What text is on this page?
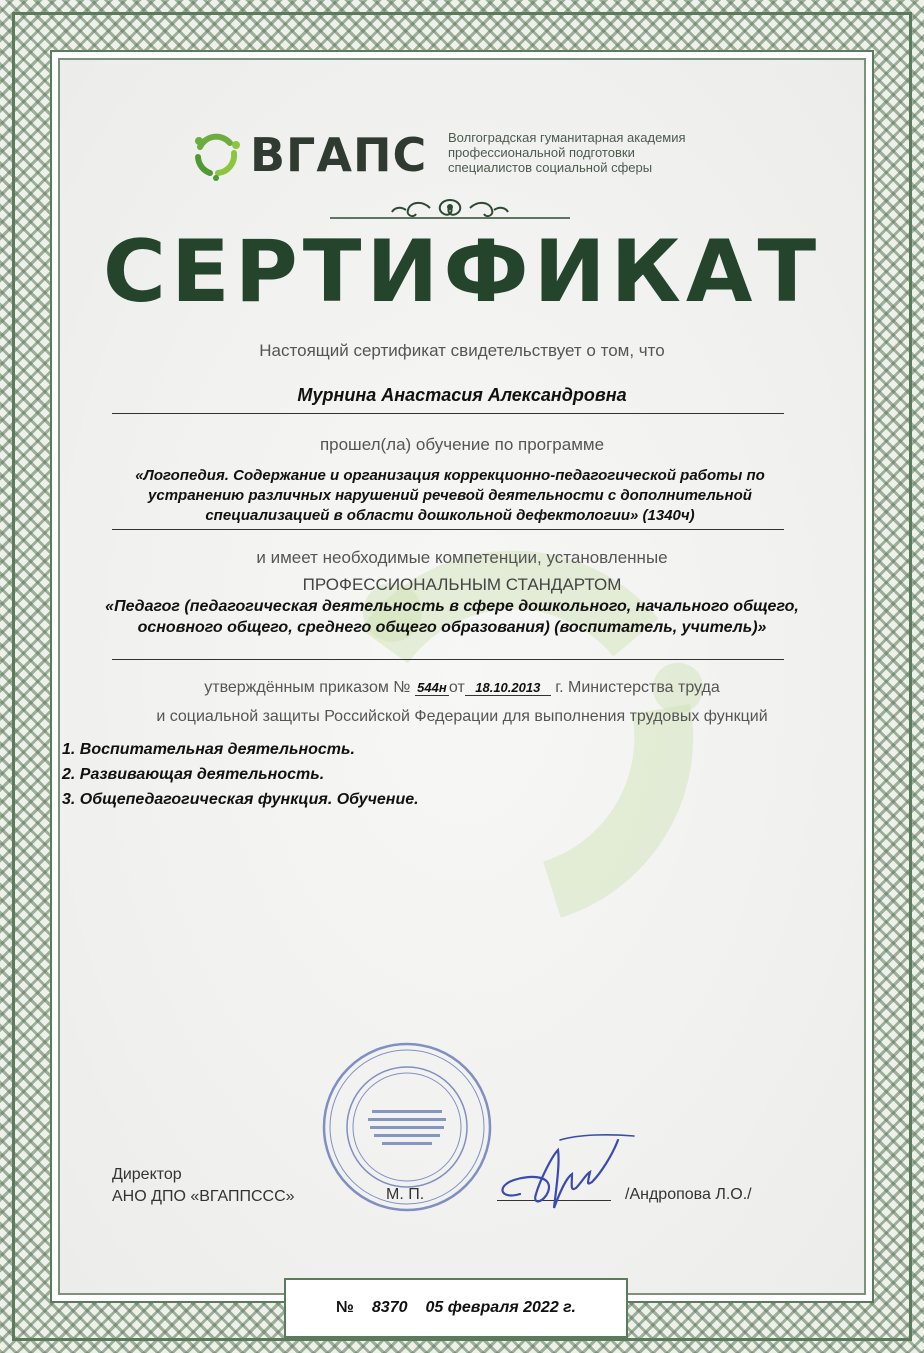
ВГАПС Волгоградская гуманитарная академия
профессиональной подготовки
специалистов социальной сферы
СЕРТИФИКАТ
Настоящий сертификат свидетельствует о том, что
Мурнина Анастасия Александровна
прошел(ла) обучение по программе
«Логопедия. Содержание и организация коррекционно-педагогической работы по устранению различных нарушений речевой деятельности с дополнительной специализацией в области дошкольной дефектологии» (1340ч)
и имеет необходимые компетенции, установленные
ПРОФЕССИОНАЛЬНЫМ СТАНДАРТОМ
«Педагог (педагогическая деятельность в сфере дошкольного, начального общего, основного общего, среднего общего образования) (воспитатель, учитель)»
утверждённым приказом № 544н от 18.10.2013 г. Министерства труда
и социальной защиты Российской Федерации для выполнения трудовых функций
1. Воспитательная деятельность.
2. Развивающая деятельность.
3. Общепедагогическая функция. Обучение.
Директор
АНО ДПО «ВГАППССС»	М. П.	/Андропова Л.О./
№ 8370 05 февраля 2022 г.
